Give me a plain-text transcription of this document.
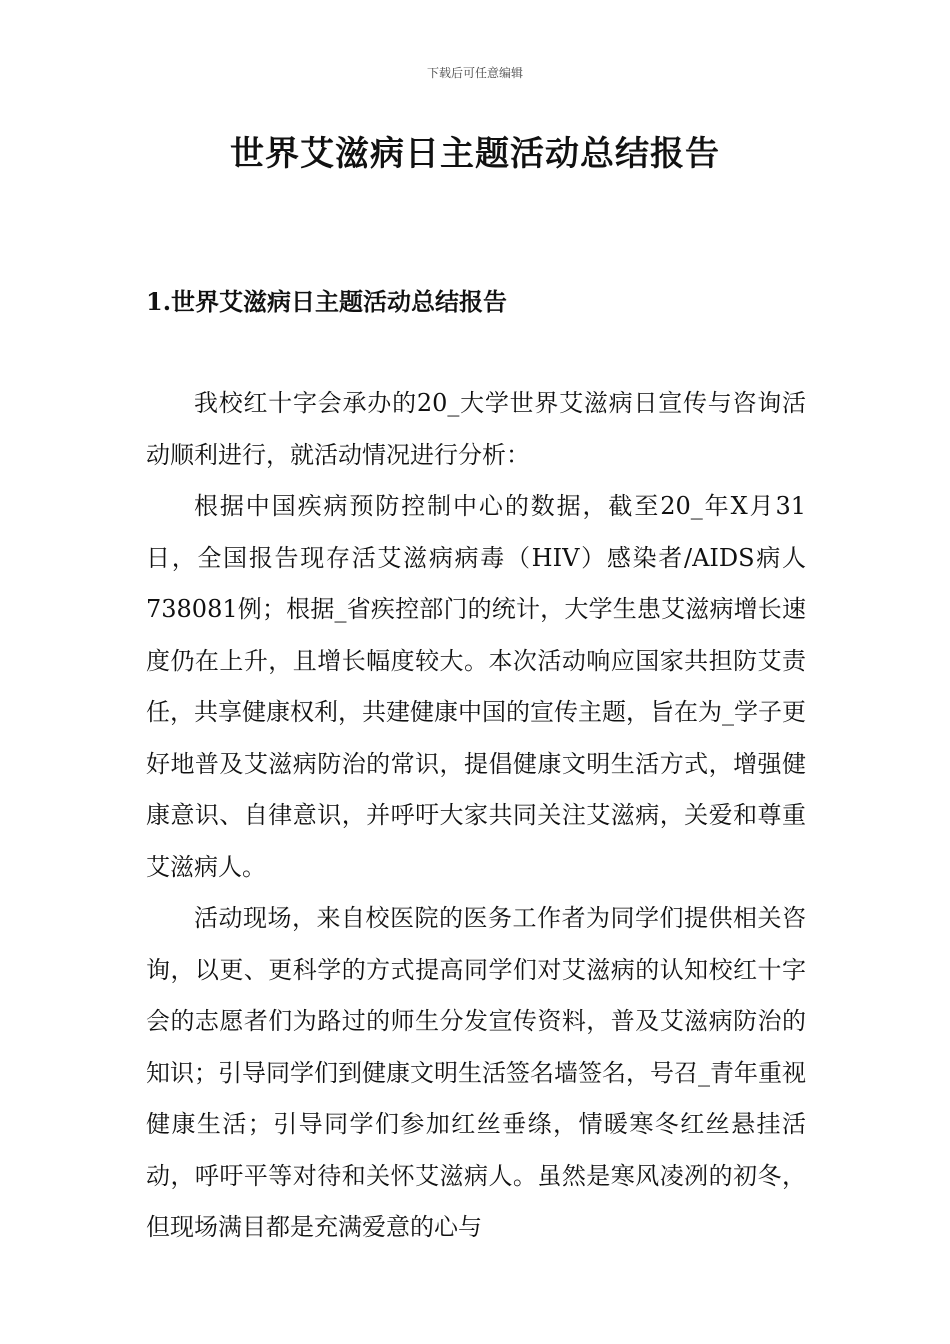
下载后可任意编辑
世界艾滋病日主题活动总结报告
1.世界艾滋病日主题活动总结报告

我校红十字会承办的20_大学世界艾滋病日宣传与咨询活动顺利进行，就活动情况进行分析：

根据中国疾病预防控制中心的数据，截至20_年X月31日，全国报告现存活艾滋病病毒（HIV）感染者/AIDS病人738081例；根据_省疾控部门的统计，大学生患艾滋病增长速度仍在上升，且增长幅度较大。本次活动响应国家共担防艾责任，共享健康权利，共建健康中国的宣传主题，旨在为_学子更好地普及艾滋病防治的常识，提倡健康文明生活方式，增强健康意识、自律意识，并呼吁大家共同关注艾滋病，关爱和尊重艾滋病人。

活动现场，来自校医院的医务工作者为同学们提供相关咨询，以更、更科学的方式提高同学们对艾滋病的认知校红十字会的志愿者们为路过的师生分发宣传资料，普及艾滋病防治的知识；引导同学们到健康文明生活签名墙签名，号召_青年重视健康生活；引导同学们参加红丝垂绦，情暖寒冬红丝悬挂活动，呼吁平等对待和关怀艾滋病人。虽然是寒风凌冽的初冬，但现场满目都是充满爱意的心与
